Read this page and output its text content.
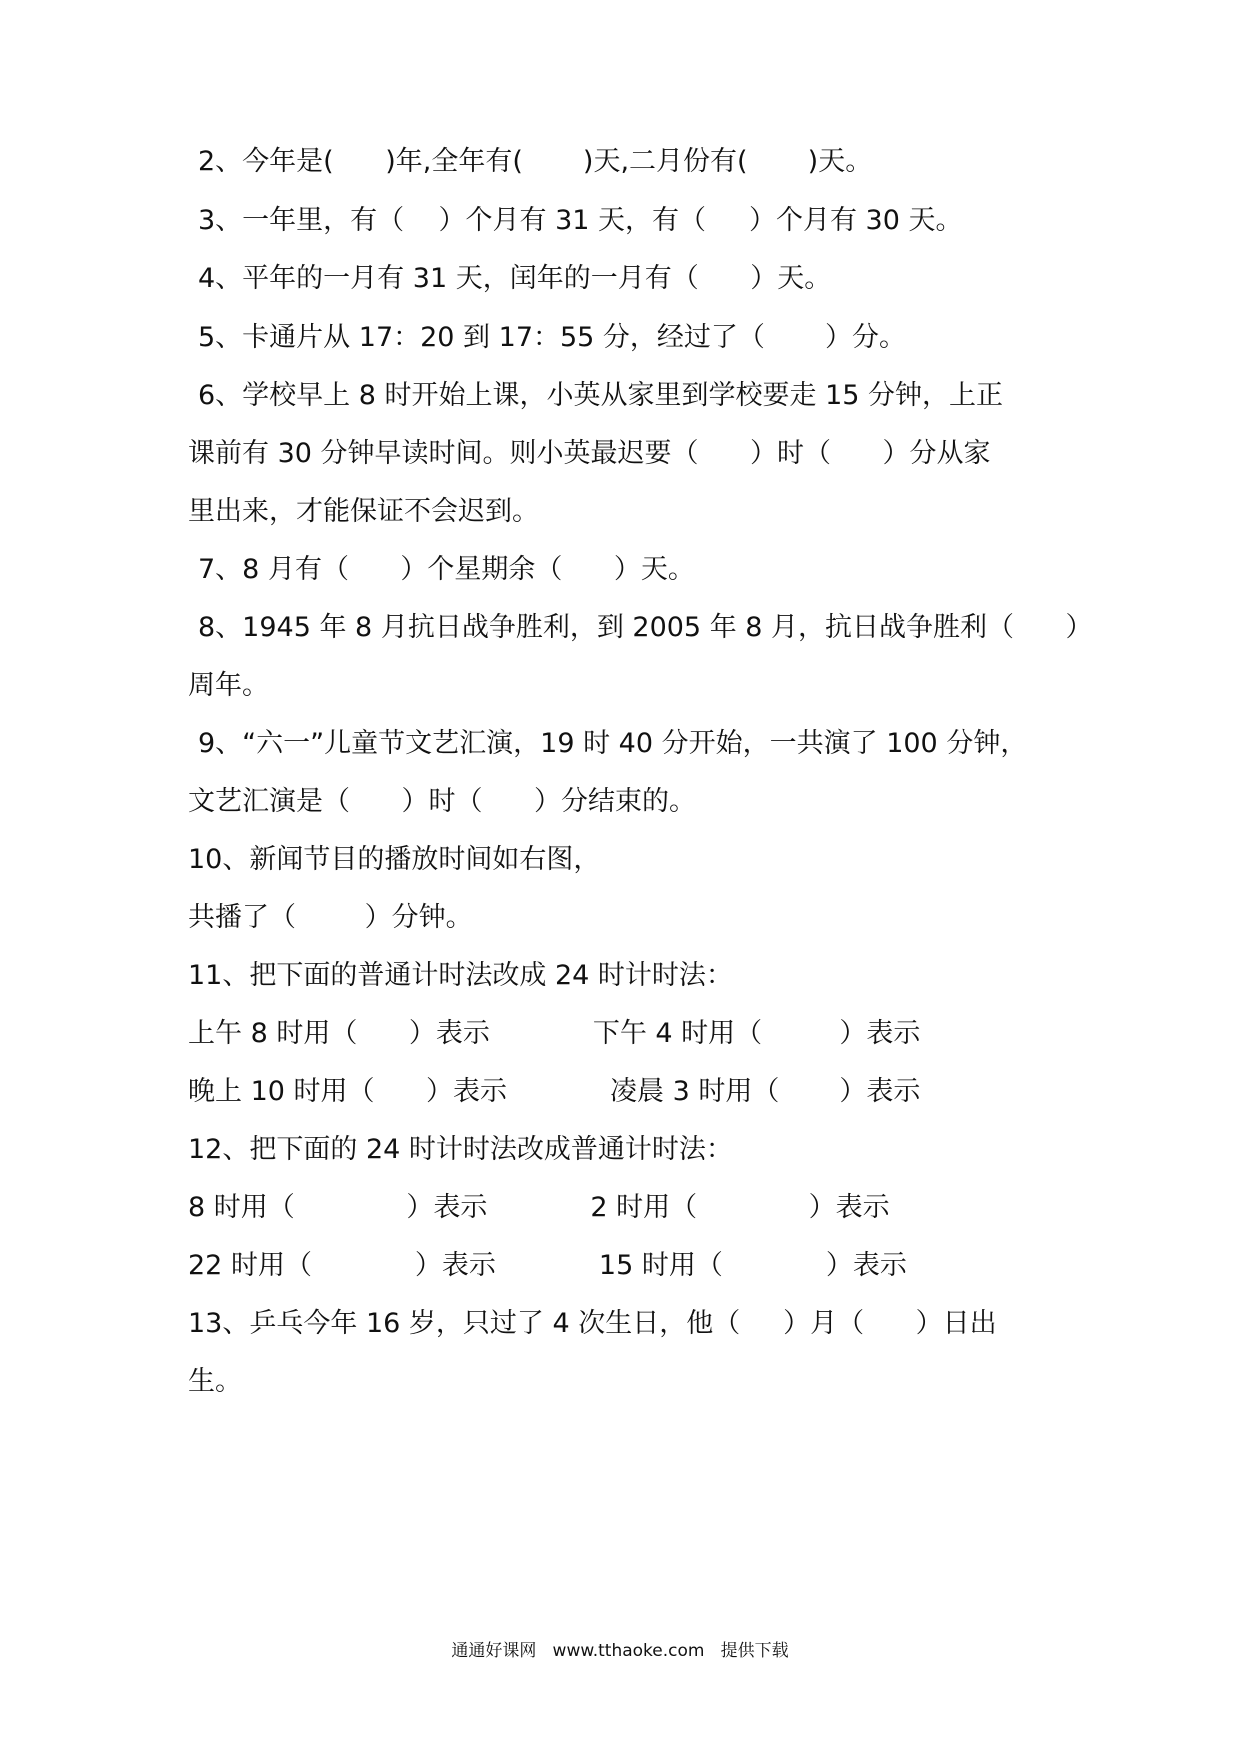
2、今年是(      )年,全年有(       )天,二月份有(       )天。
3、一年里，有（    ）个月有 31 天，有（     ）个月有 30 天。
4、平年的一月有 31 天，闰年的一月有（      ）天。
5、卡通片从 17：20 到 17：55 分，经过了（       ）分。
6、学校早上 8 时开始上课，小英从家里到学校要走 15 分钟，上正
课前有 30 分钟早读时间。则小英最迟要（      ）时（      ）分从家
里出来，才能保证不会迟到。
7、8 月有（      ）个星期余（      ）天。
8、1945 年 8 月抗日战争胜利，到 2005 年 8 月，抗日战争胜利（      ）
周年。
9、“六一”儿童节文艺汇演，19 时 40 分开始，一共演了 100 分钟，
文艺汇演是（      ）时（      ）分结束的。
10、新闻节目的播放时间如右图，
共播了（        ）分钟。
11、把下面的普通计时法改成 24 时计时法：
上午 8 时用（      ）表示            下午 4 时用（         ）表示
晚上 10 时用（      ）表示            凌晨 3 时用（       ）表示
12、把下面的 24 时计时法改成普通计时法：
8 时用（             ）表示            2 时用（             ）表示
22 时用（            ）表示            15 时用（            ）表示
13、乒乓今年 16 岁，只过了 4 次生日，他（     ）月（      ）日出
生。
通通好课网   www.tthaoke.com   提供下载
